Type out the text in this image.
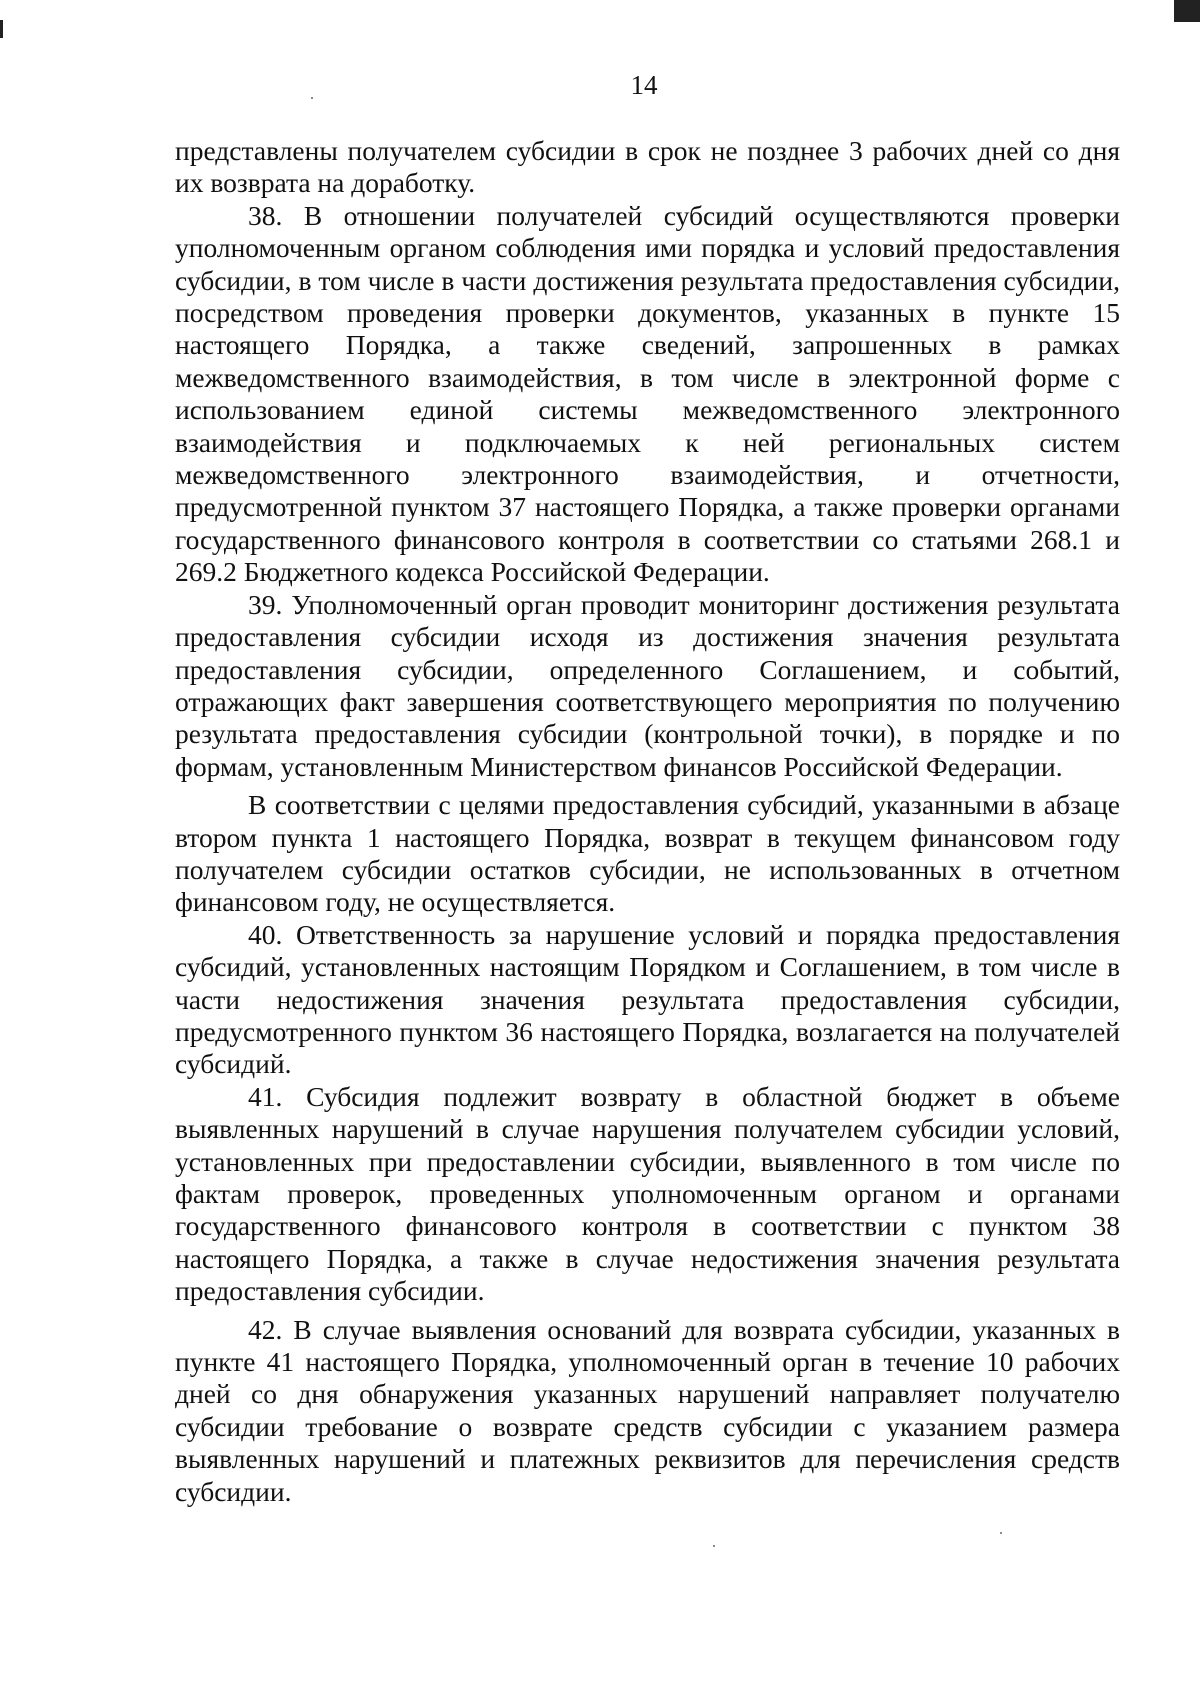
14

представлены получателем субсидии в срок не позднее 3 рабочих дней со дня их возврата на доработку.

38. В отношении получателей субсидий осуществляются проверки уполномоченным органом соблюдения ими порядка и условий предоставления субсидии, в том числе в части достижения результата предоставления субсидии, посредством проведения проверки документов, указанных в пункте 15 настоящего Порядка, а также сведений, запрошенных в рамках межведомственного взаимодействия, в том числе в электронной форме с использованием единой системы межведомственного электронного взаимодействия и подключаемых к ней региональных систем межведомственного электронного взаимодействия, и отчетности, предусмотренной пунктом 37 настоящего Порядка, а также проверки органами государственного финансового контроля в соответствии со статьями 268.1 и 269.2 Бюджетного кодекса Российской Федерации.

39. Уполномоченный орган проводит мониторинг достижения результата предоставления субсидии исходя из достижения значения результата предоставления субсидии, определенного Соглашением, и событий, отражающих факт завершения соответствующего мероприятия по получению результата предоставления субсидии (контрольной точки), в порядке и по формам, установленным Министерством финансов Российской Федерации.

В соответствии с целями предоставления субсидий, указанными в абзаце втором пункта 1 настоящего Порядка, возврат в текущем финансовом году получателем субсидии остатков субсидии, не использованных в отчетном финансовом году, не осуществляется.

40. Ответственность за нарушение условий и порядка предоставления субсидий, установленных настоящим Порядком и Соглашением, в том числе в части недостижения значения результата предоставления субсидии, предусмотренного пунктом 36 настоящего Порядка, возлагается на получателей субсидий.

41. Субсидия подлежит возврату в областной бюджет в объеме выявленных нарушений в случае нарушения получателем субсидии условий, установленных при предоставлении субсидии, выявленного в том числе по фактам проверок, проведенных уполномоченным органом и органами государственного финансового контроля в соответствии с пунктом 38 настоящего Порядка, а также в случае недостижения значения результата предоставления субсидии.

42. В случае выявления оснований для возврата субсидии, указанных в пункте 41 настоящего Порядка, уполномоченный орган в течение 10 рабочих дней со дня обнаружения указанных нарушений направляет получателю субсидии требование о возврате средств субсидии с указанием размера выявленных нарушений и платежных реквизитов для перечисления средств субсидии.
